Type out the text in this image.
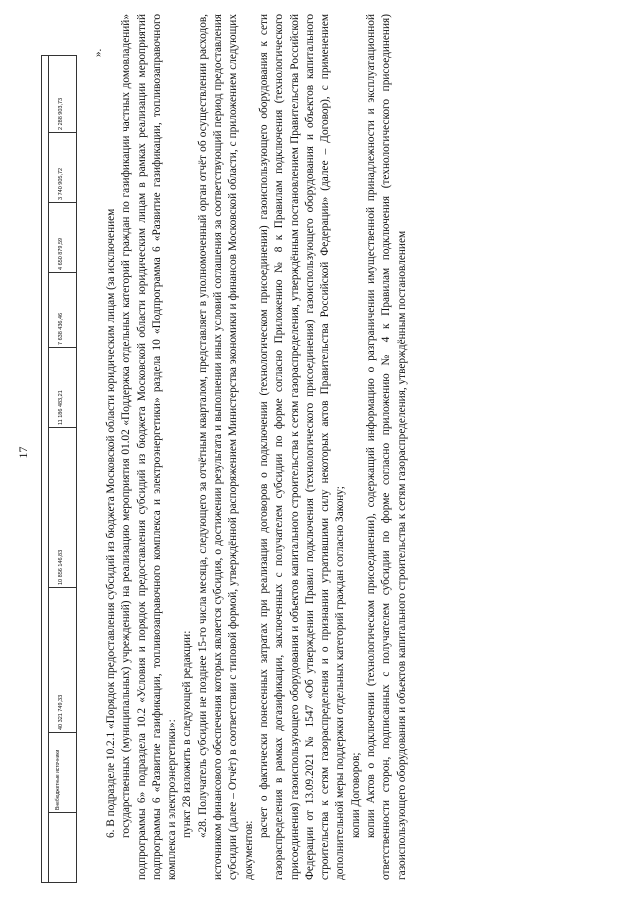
17
Внебюджетные источники
40 321 749,33
10 856 146,83
11 186 483,21
7 638 436,46
4 650 879,59
3 740 905,72
2 288 903,73
».

6. В подразделе 10.2.1 «Порядок предоставления субсидий из бюджета Московской области юридическим лицам (за исключением государственных (муниципальных) учреждений) на реализацию мероприятия 01.02 «Поддержка отдельных категорий граждан по газификации частных домовладений» подпрограммы 6» подраздела 10.2 «Условия и порядок предоставления субсидий из бюджета Московской области юридическим лицам в рамках реализации мероприятий подпрограммы 6 «Развитие газификации, топливозаправочного комплекса и электроэнергетики» раздела 10 «Подпрограмма 6 «Развитие газификации, топливозаправочного комплекса и электроэнергетики»: пункт 28 изложить в следующей редакции: «28. Получатель субсидии не позднее 15-го числа месяца, следующего за отчётным кварталом, представляет в уполномоченный орган отчёт об осуществлении расходов, источником финансового обеспечения которых является субсидия, о достижении результата и выполнении иных условий соглашения за соответствующий период предоставления субсидии (далее – Отчёт) в соответствии с типовой формой, утверждённой распоряжением Министерства экономики и финансов Московской области, с приложением следующих документов:

расчет о фактически понесенных затратах при реализации договоров о подключении (технологическом присоединении) газоиспользующего оборудования к сети газораспределения в рамках догазификации, заключенных с получателем субсидии по форме согласно Приложению № 8 к Правилам подключения (технологического присоединения) газоиспользующего оборудования и объектов капитального строительства к сетям газораспределения, утверждённым постановлением Правительства Российской Федерации от 13.09.2021 № 1547 «Об утверждении Правил подключения (технологического присоединения) газоиспользующего оборудования и объектов капитального строительства к сетям газораспределения и о признании утратившими силу некоторых актов Правительства Российской Федерации» (далее – Договор), с применением дополнительной меры поддержки отдельных категорий граждан согласно Закону; копии Договоров; копии Актов о подключении (технологическом присоединении), содержащий информацию о разграничении имущественной принадлежности и эксплуатационной ответственности сторон, подписанных с получателем субсидии по форме согласно приложению № 4 к Правилам подключения (технологического присоединения) газоиспользующего оборудования и объектов капитального строительства к сетям газораспределения, утверждённым постановлением
